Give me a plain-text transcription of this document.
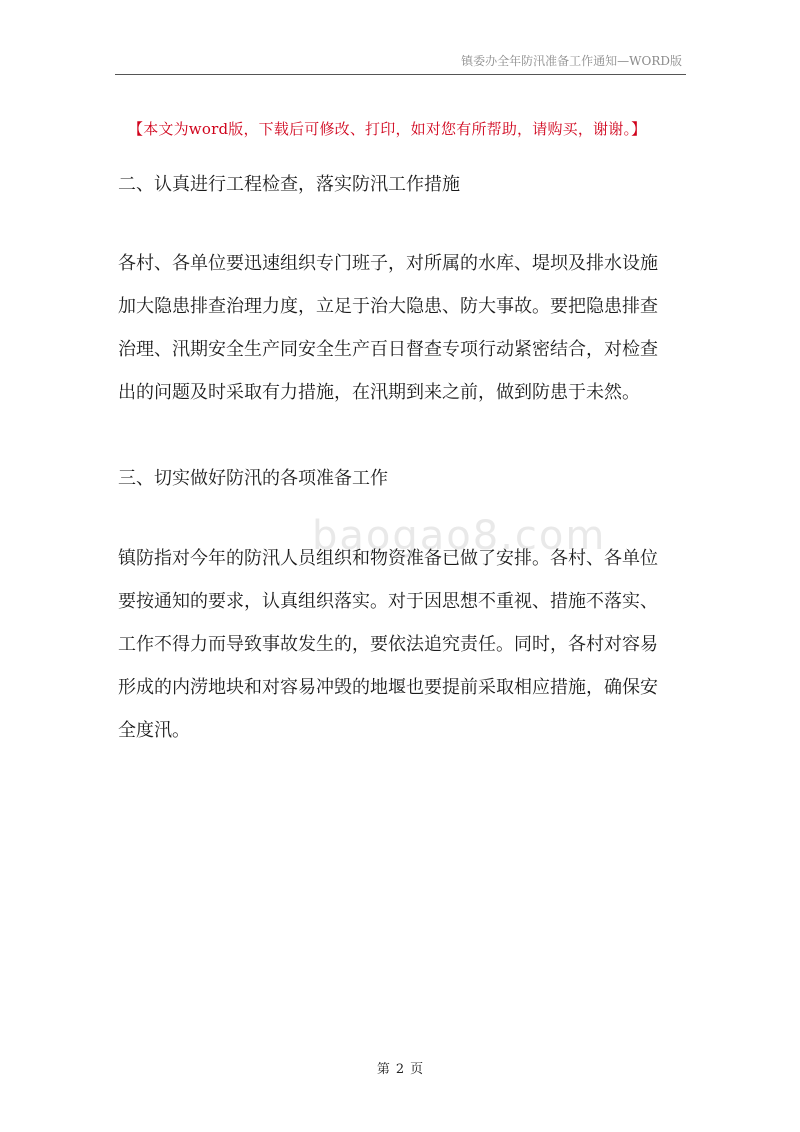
镇委办全年防汛准备工作通知—WORD版
【本文为word版，下载后可修改、打印，如对您有所帮助，请购买，谢谢。】
baogao8.com
二、认真进行工程检查，落实防汛工作措施
各村、各单位要迅速组织专门班子，对所属的水库、堤坝及排水设施
加大隐患排查治理力度，立足于治大隐患、防大事故。要把隐患排查
治理、汛期安全生产同安全生产百日督查专项行动紧密结合，对检查
出的问题及时采取有力措施，在汛期到来之前，做到防患于未然。
三、切实做好防汛的各项准备工作
镇防指对今年的防汛人员组织和物资准备已做了安排。各村、各单位
要按通知的要求，认真组织落实。对于因思想不重视、措施不落实、
工作不得力而导致事故发生的，要依法追究责任。同时，各村对容易
形成的内涝地块和对容易冲毁的地堰也要提前采取相应措施，确保安
全度汛。
第 2 页
